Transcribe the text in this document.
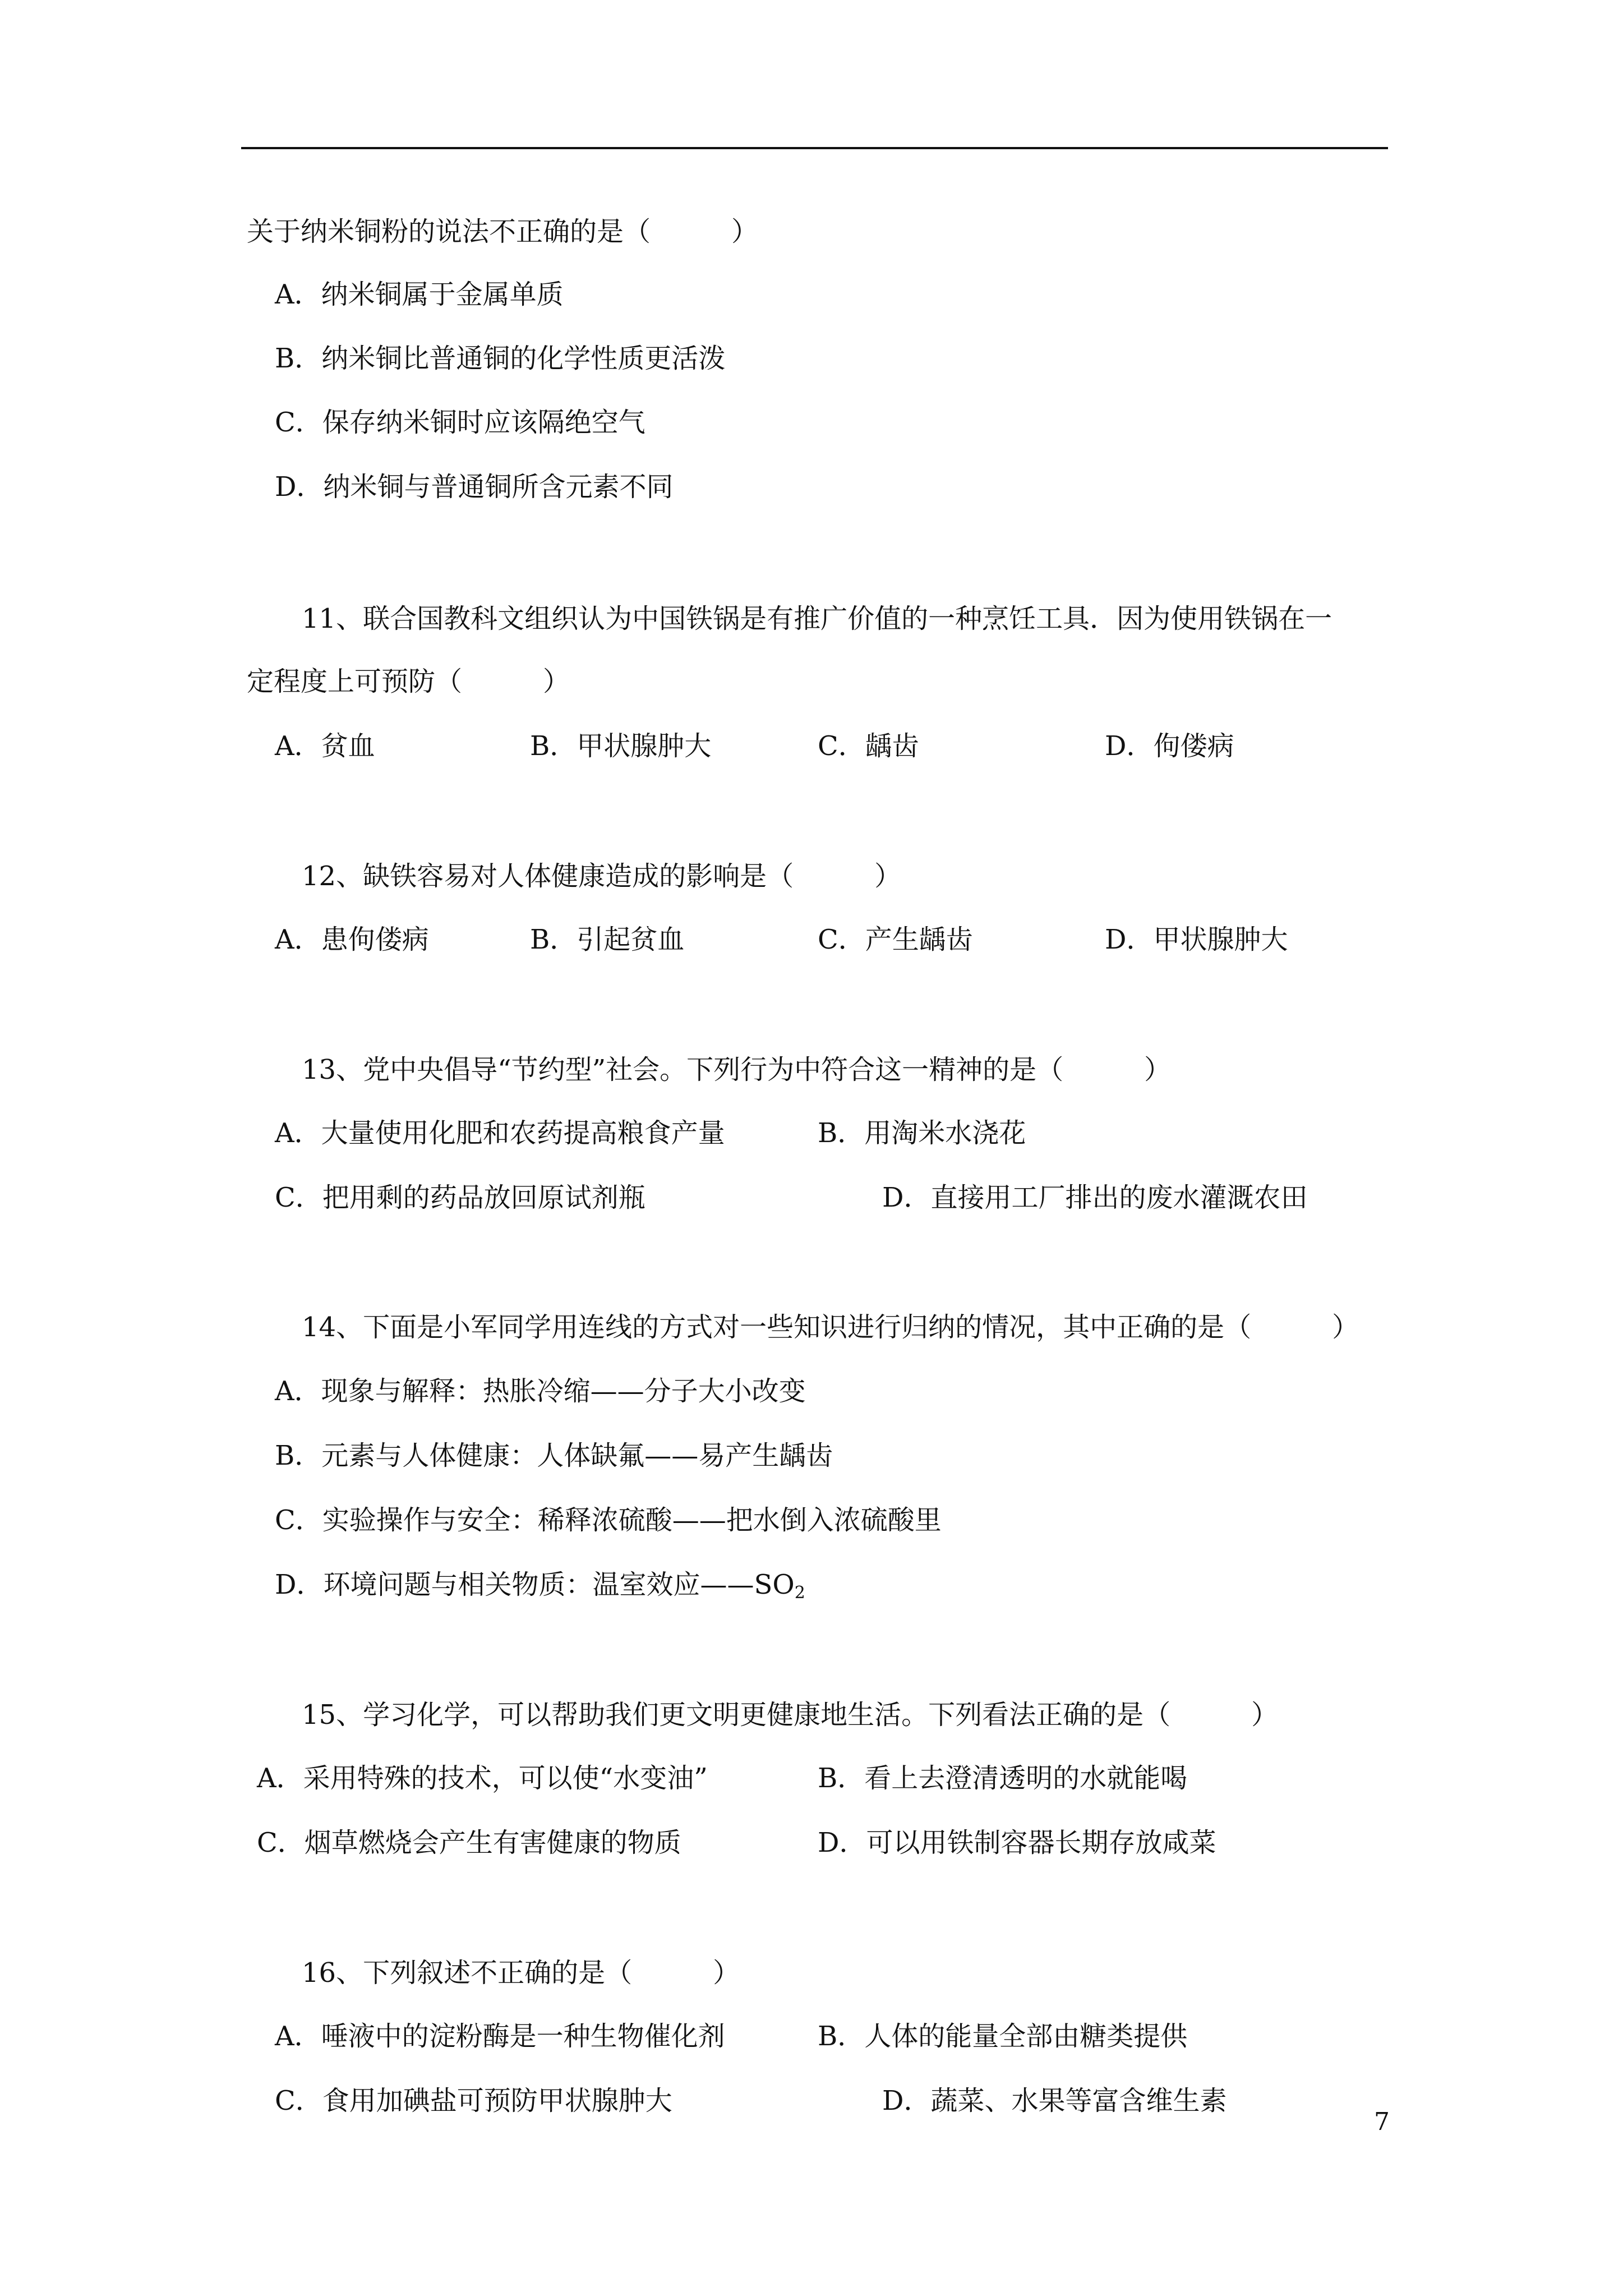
关于纳米铜粉的说法不正确的是（　　　）
A．纳米铜属于金属单质
B．纳米铜比普通铜的化学性质更活泼
C．保存纳米铜时应该隔绝空气
D．纳米铜与普通铜所含元素不同
11、联合国教科文组织认为中国铁锅是有推广价值的一种烹饪工具．因为使用铁锅在一
定程度上可预防（　　　）
A．贫血	B．甲状腺肿大	C．龋齿	D．佝偻病
12、缺铁容易对人体健康造成的影响是（　　　）
A．患佝偻病	B．引起贫血	C．产生龋齿	D．甲状腺肿大
13、党中央倡导“节约型”社会。下列行为中符合这一精神的是（　　　）
A．大量使用化肥和农药提高粮食产量	B．用淘米水浇花
C．把用剩的药品放回原试剂瓶	D．直接用工厂排出的废水灌溉农田
14、下面是小军同学用连线的方式对一些知识进行归纳的情况，其中正确的是（　　　）
A．现象与解释：热胀冷缩——分子大小改变
B．元素与人体健康：人体缺氟——易产生龋齿
C．实验操作与安全：稀释浓硫酸——把水倒入浓硫酸里
D．环境问题与相关物质：温室效应$——SO_2$
15、学习化学，可以帮助我们更文明更健康地生活。下列看法正确的是（　　　）
A．采用特殊的技术，可以使“水变油”	B．看上去澄清透明的水就能喝
C．烟草燃烧会产生有害健康的物质	D．可以用铁制容器长期存放咸菜
16、下列叙述不正确的是（　　　）
A．唾液中的淀粉酶是一种生物催化剂	B．人体的能量全部由糖类提供
C．食用加碘盐可预防甲状腺肿大	D．蔬菜、水果等富含维生素
7
